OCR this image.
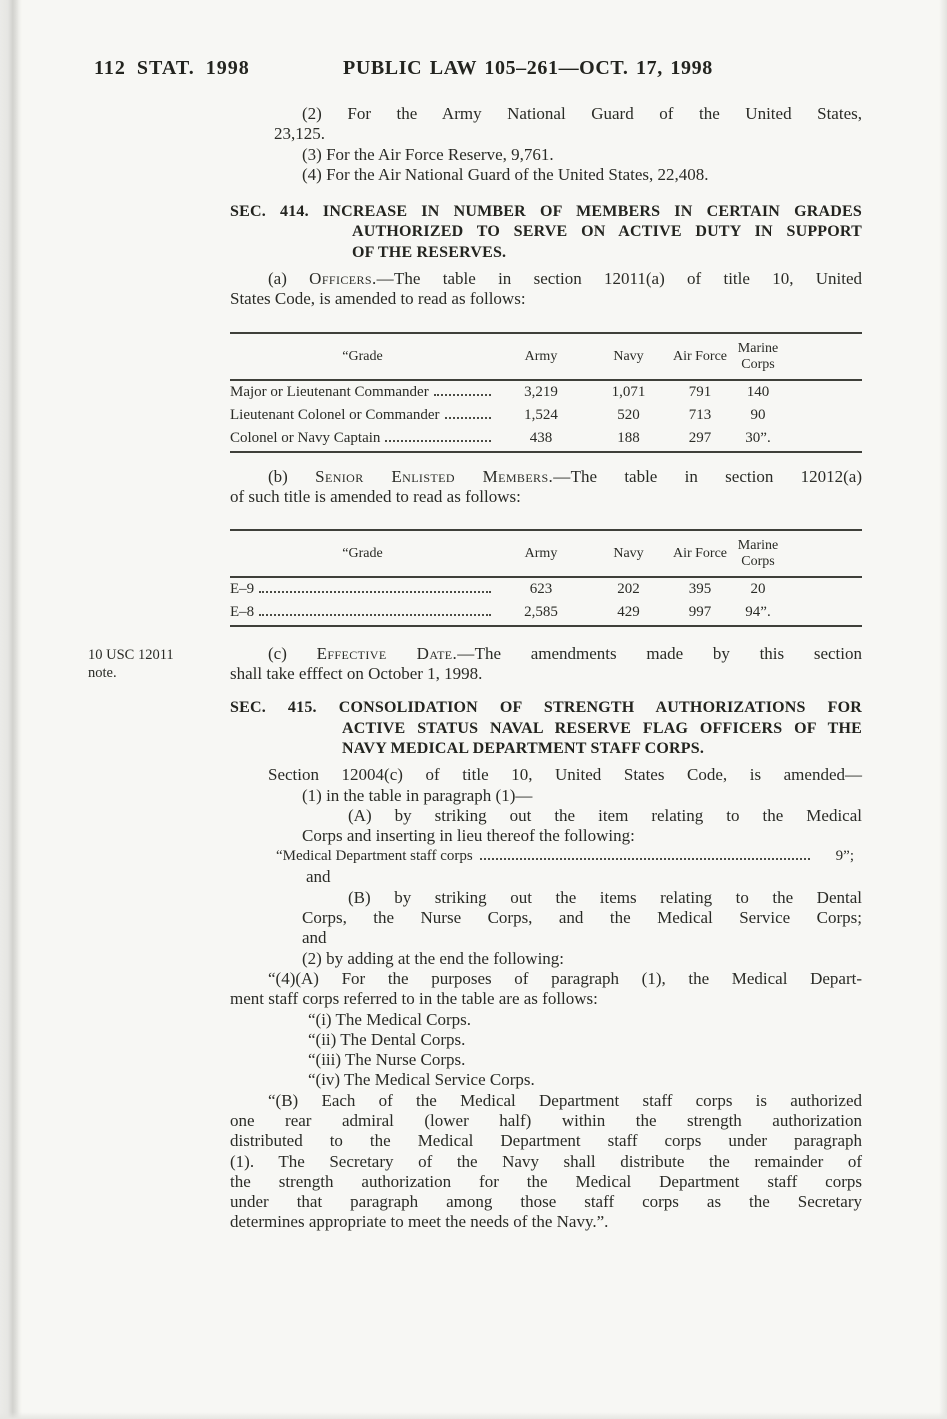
112 STAT. 1998	PUBLIC LAW 105–261—OCT. 17, 1998
(2) For the Army National Guard of the United States,
23,125.
(3) For the Air Force Reserve, 9,761.
(4) For the Air National Guard of the United States, 22,408.
SEC. 414. INCREASE IN NUMBER OF MEMBERS IN CERTAIN GRADES
AUTHORIZED TO SERVE ON ACTIVE DUTY IN SUPPORT
OF THE RESERVES.
(a) Officers.—The table in section 12011(a) of title 10, United
States Code, is amended to read as follows:
“Grade	Army	Navy	Air Force	Marine Corps	

Major or Lieutenant Commander	3,219	1,071	791	140	

Lieutenant Colonel or Commander	1,524	520	713	90	

Colonel or Navy Captain	438	188	297	30”.	
(b) Senior Enlisted Members.—The table in section 12012(a)
of such title is amended to read as follows:
“Grade	Army	Navy	Air Force	Marine Corps	

E–9	623	202	395	20	

E–8	2,585	429	997	94”.	
10 USC 12011
note.
(c) Effective Date.—The amendments made by this section
shall take efffect on October 1, 1998.
SEC. 415. CONSOLIDATION OF STRENGTH AUTHORIZATIONS FOR
ACTIVE STATUS NAVAL RESERVE FLAG OFFICERS OF THE
NAVY MEDICAL DEPARTMENT STAFF CORPS.
Section 12004(c) of title 10, United States Code, is amended—
(1) in the table in paragraph (1)—
(A) by striking out the item relating to the Medical
Corps and inserting in lieu thereof the following:
“Medical Department staff corps	9”;
and
(B) by striking out the items relating to the Dental
Corps, the Nurse Corps, and the Medical Service Corps;
and
(2) by adding at the end the following:
“(4)(A) For the purposes of paragraph (1), the Medical Depart-
ment staff corps referred to in the table are as follows:
“(i) The Medical Corps.
“(ii) The Dental Corps.
“(iii) The Nurse Corps.
“(iv) The Medical Service Corps.
“(B) Each of the Medical Department staff corps is authorized
one rear admiral (lower half) within the strength authorization
distributed to the Medical Department staff corps under paragraph
(1). The Secretary of the Navy shall distribute the remainder of
the strength authorization for the Medical Department staff corps
under that paragraph among those staff corps as the Secretary
determines appropriate to meet the needs of the Navy.”.
